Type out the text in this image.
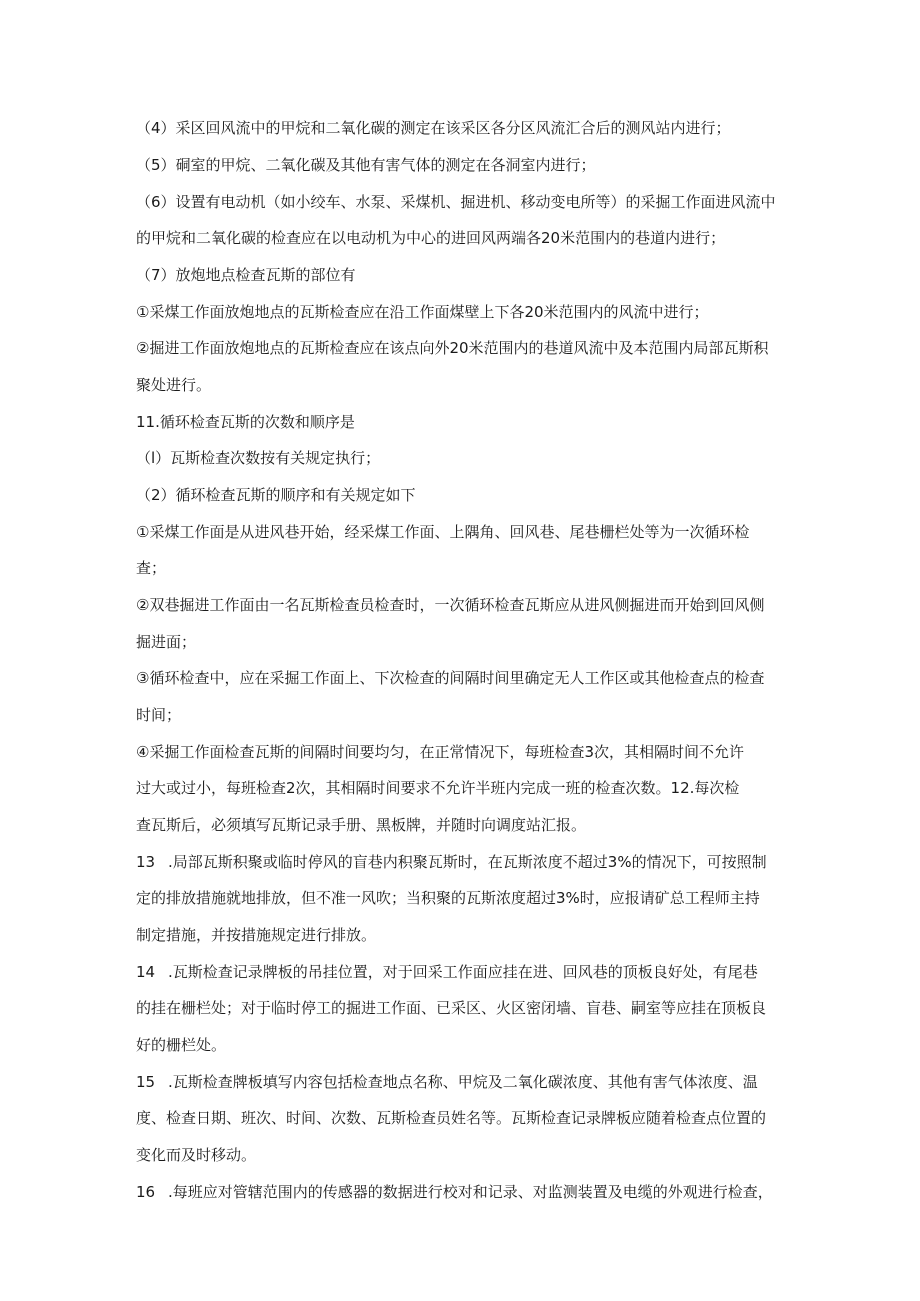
（4）采区回风流中的甲烷和二氧化碳的测定在该采区各分区风流汇合后的测风站内进行；
（5）硐室的甲烷、二氧化碳及其他有害气体的测定在各洞室内进行；
（6）设置有电动机（如小绞车、水泵、采煤机、掘进机、移动变电所等）的采掘工作面进风流中
的甲烷和二氧化碳的检查应在以电动机为中心的进回风两端各20米范围内的巷道内进行；
（7）放炮地点检查瓦斯的部位有
①采煤工作面放炮地点的瓦斯检查应在沿工作面煤壁上下各20米范围内的风流中进行；
②掘进工作面放炮地点的瓦斯检查应在该点向外20米范围内的巷道风流中及本范围内局部瓦斯积
聚处进行。
11.循环检查瓦斯的次数和顺序是
（l）瓦斯检查次数按有关规定执行；
（2）循环检查瓦斯的顺序和有关规定如下
①采煤工作面是从进风巷开始，经采煤工作面、上隅角、回风巷、尾巷栅栏处等为一次循环检
查；
②双巷掘进工作面由一名瓦斯检查员检查时，一次循环检查瓦斯应从进风侧掘进而开始到回风侧
掘进面；
③循环检查中，应在采掘工作面上、下次检查的间隔时间里确定无人工作区或其他检查点的检查
时间；
④采掘工作面检查瓦斯的间隔时间要均匀，在正常情况下，每班检查3次，其相隔时间不允许
过大或过小，每班检查2次，其相隔时间要求不允许半班内完成一班的检查次数。12.每次检
查瓦斯后，必须填写瓦斯记录手册、黑板牌，并随时向调度站汇报。
13 .局部瓦斯积聚或临时停风的盲巷内积聚瓦斯时，在瓦斯浓度不超过3%的情况下，可按照制
定的排放措施就地排放，但不准一风吹；当积聚的瓦斯浓度超过3%时，应报请矿总工程师主持
制定措施，并按措施规定进行排放。
14 .瓦斯检查记录牌板的吊挂位置，对于回采工作面应挂在进、回风巷的顶板良好处，有尾巷
的挂在栅栏处；对于临时停工的掘进工作面、已采区、火区密闭墙、盲巷、嗣室等应挂在顶板良
好的栅栏处。
15 .瓦斯检查牌板填写内容包括检查地点名称、甲烷及二氧化碳浓度、其他有害气体浓度、温
度、检查日期、班次、时间、次数、瓦斯检查员姓名等。瓦斯检查记录牌板应随着检查点位置的
变化而及时移动。
16 .每班应对管辖范围内的传感器的数据进行校对和记录、对监测装置及电缆的外观进行检查，
